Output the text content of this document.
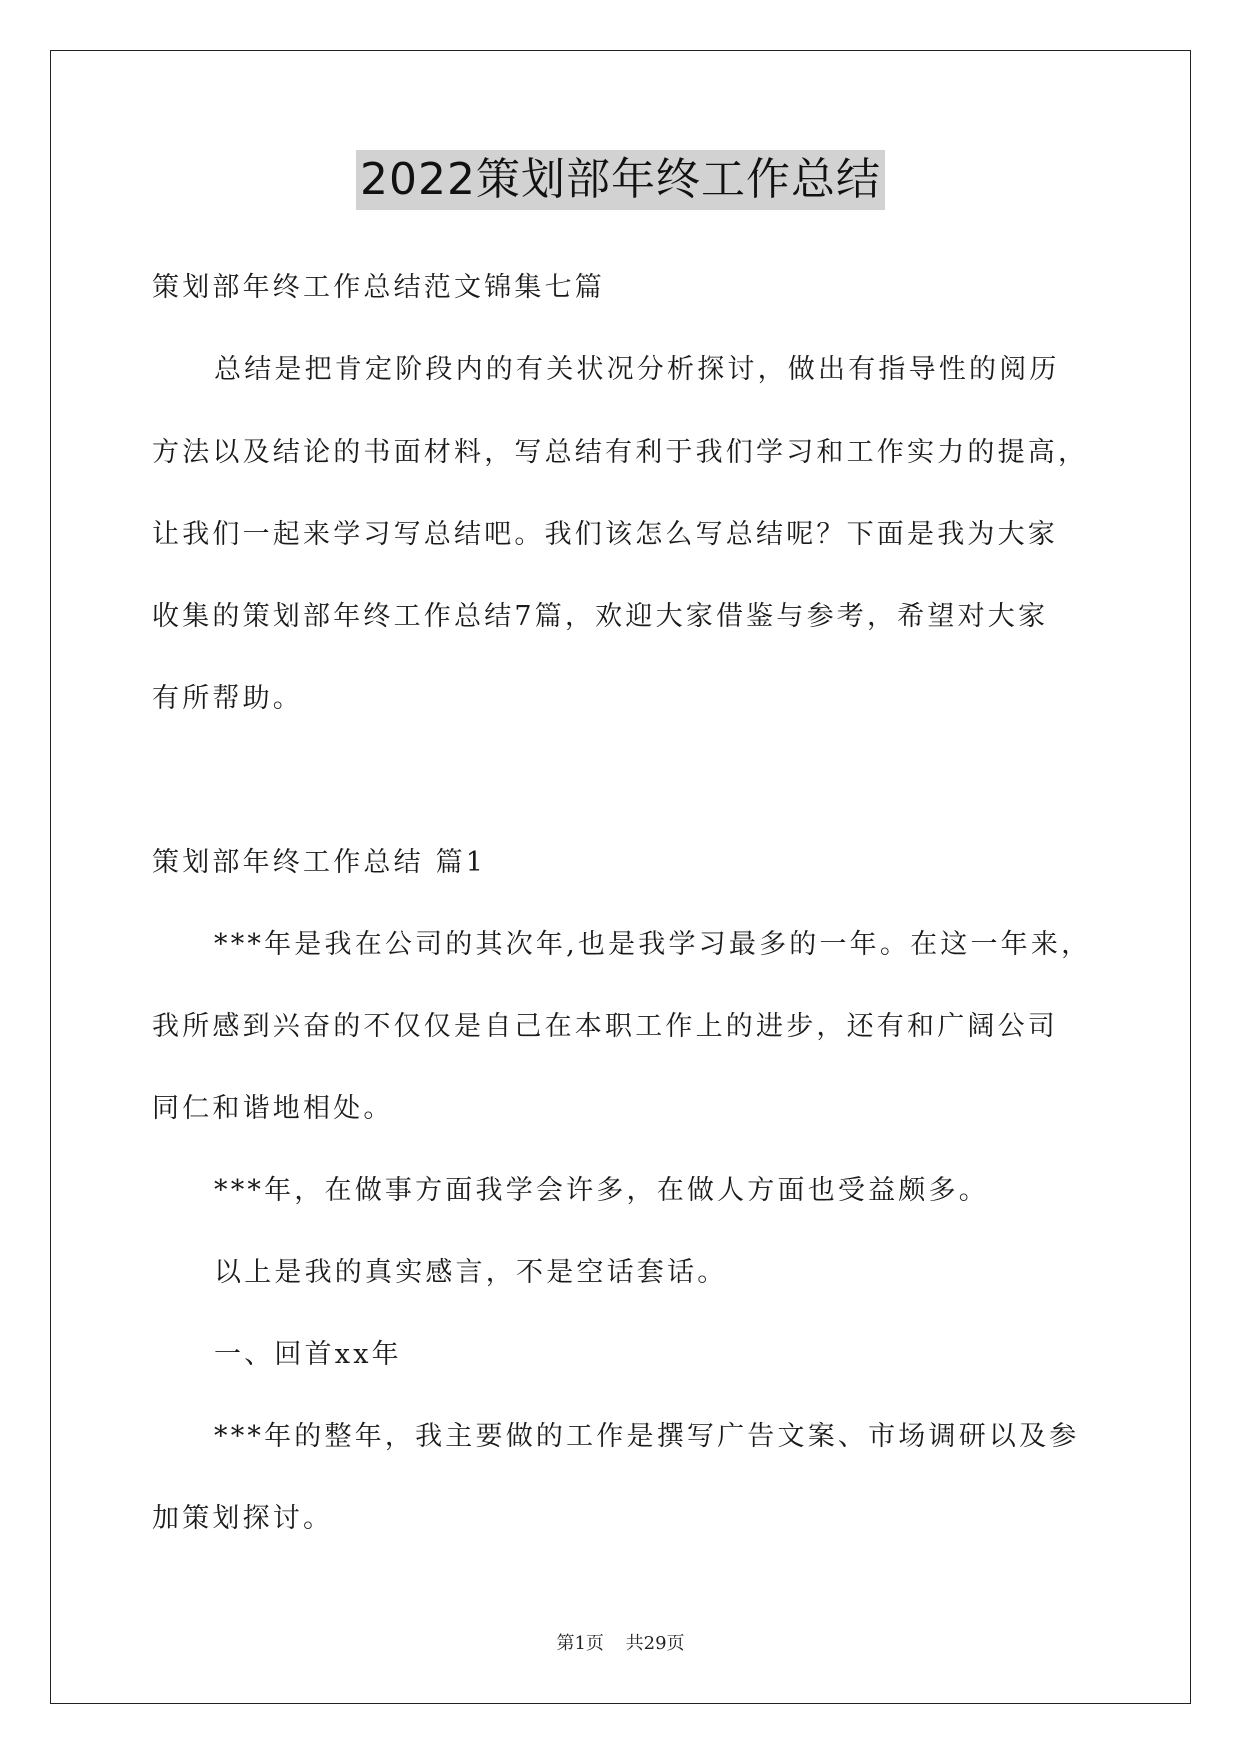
2022策划部年终工作总结
策划部年终工作总结范文锦集七篇
总结是把肯定阶段内的有关状况分析探讨，做出有指导性的阅历
方法以及结论的书面材料，写总结有利于我们学习和工作实力的提高，
让我们一起来学习写总结吧。我们该怎么写总结呢？下面是我为大家
收集的策划部年终工作总结7篇，欢迎大家借鉴与参考，希望对大家
有所帮助。
策划部年终工作总结 篇1
***年是我在公司的其次年,也是我学习最多的一年。在这一年来，
我所感到兴奋的不仅仅是自己在本职工作上的进步，还有和广阔公司
同仁和谐地相处。
***年，在做事方面我学会许多，在做人方面也受益颇多。
以上是我的真实感言，不是空话套话。
一、回首xx年
***年的整年，我主要做的工作是撰写广告文案、市场调研以及参
加策划探讨。
第1页 共29页
